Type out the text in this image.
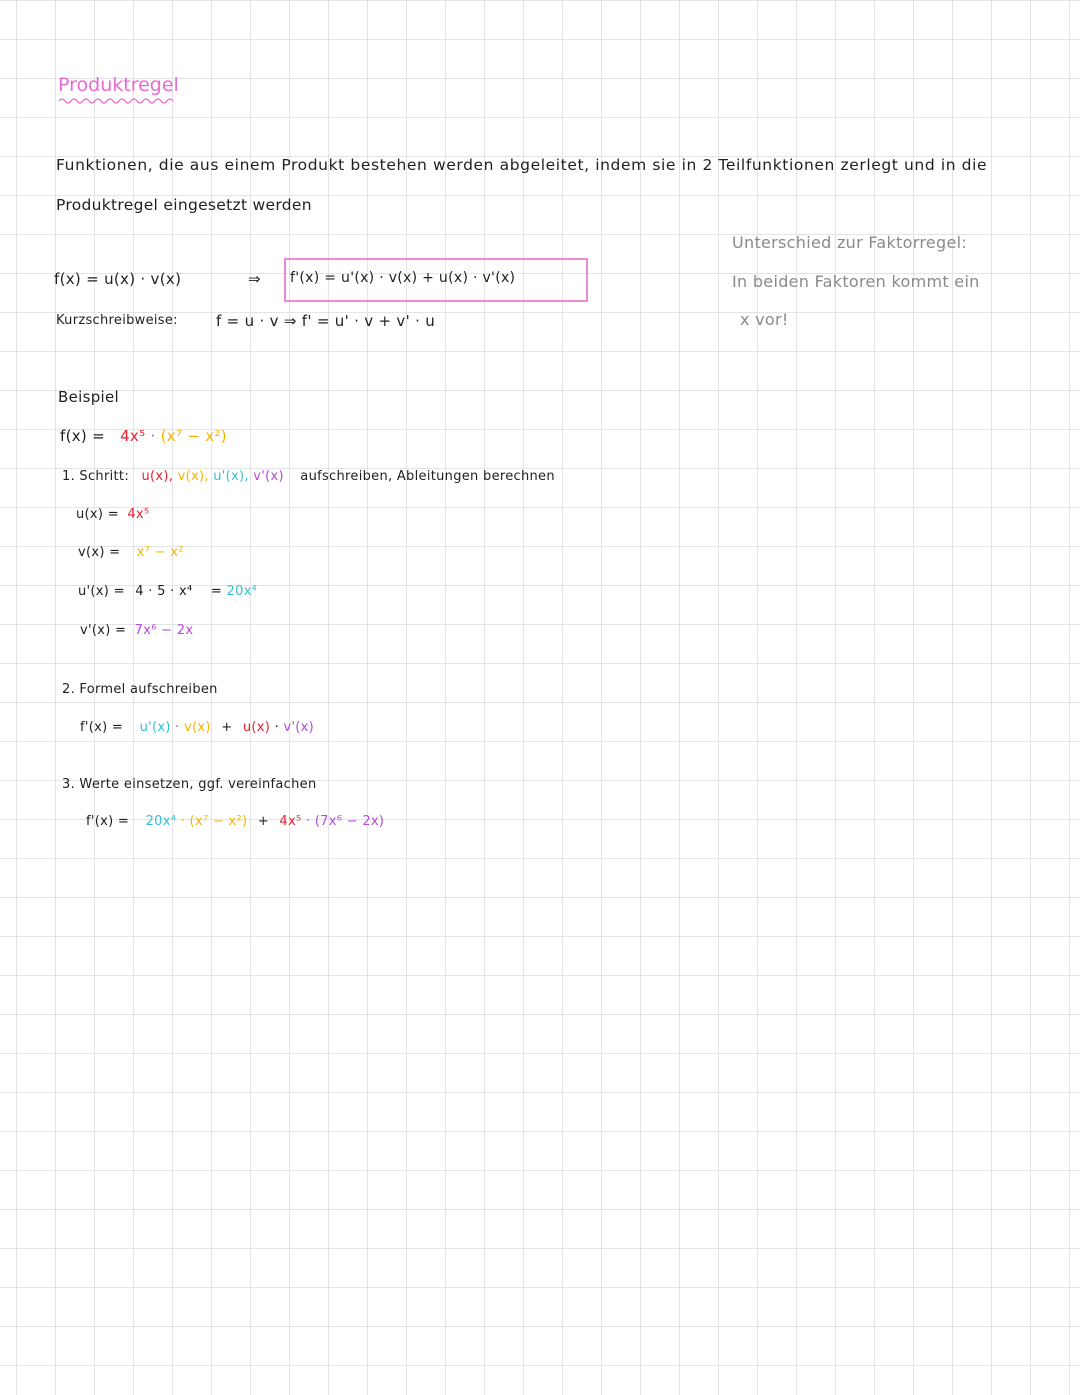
Produktregel
Funktionen, die aus einem Produkt bestehen werden abgeleitet, indem sie in 2 Teilfunktionen zerlegt und in die
Produktregel eingesetzt werden
f(x) = u(x) · v(x)	⇒ f'(x) = u'(x) · v(x) + u(x) · v'(x)
Kurzschreibweise:	f = u · v ⇒ f' = u' · v + v' · u
Unterschied zur Faktorregel:
In beiden Faktoren kommt ein
x vor!
Beispiel
f(x) = 4x⁵ · (x⁷ − x²)
1. Schritt: u(x), v(x), u'(x), v'(x) aufschreiben, Ableitungen berechnen
u(x) = 4x⁵
v(x) = x⁷ − x²
u'(x) = 4 · 5 · x⁴ = 20x⁴
v'(x) = 7x⁶ − 2x
2. Formel aufschreiben
f'(x) = u'(x) · v(x) + u(x) · v'(x)
3. Werte einsetzen, ggf. vereinfachen
f'(x) = 20x⁴ · (x⁷ − x²) + 4x⁵ · (7x⁶ − 2x)
